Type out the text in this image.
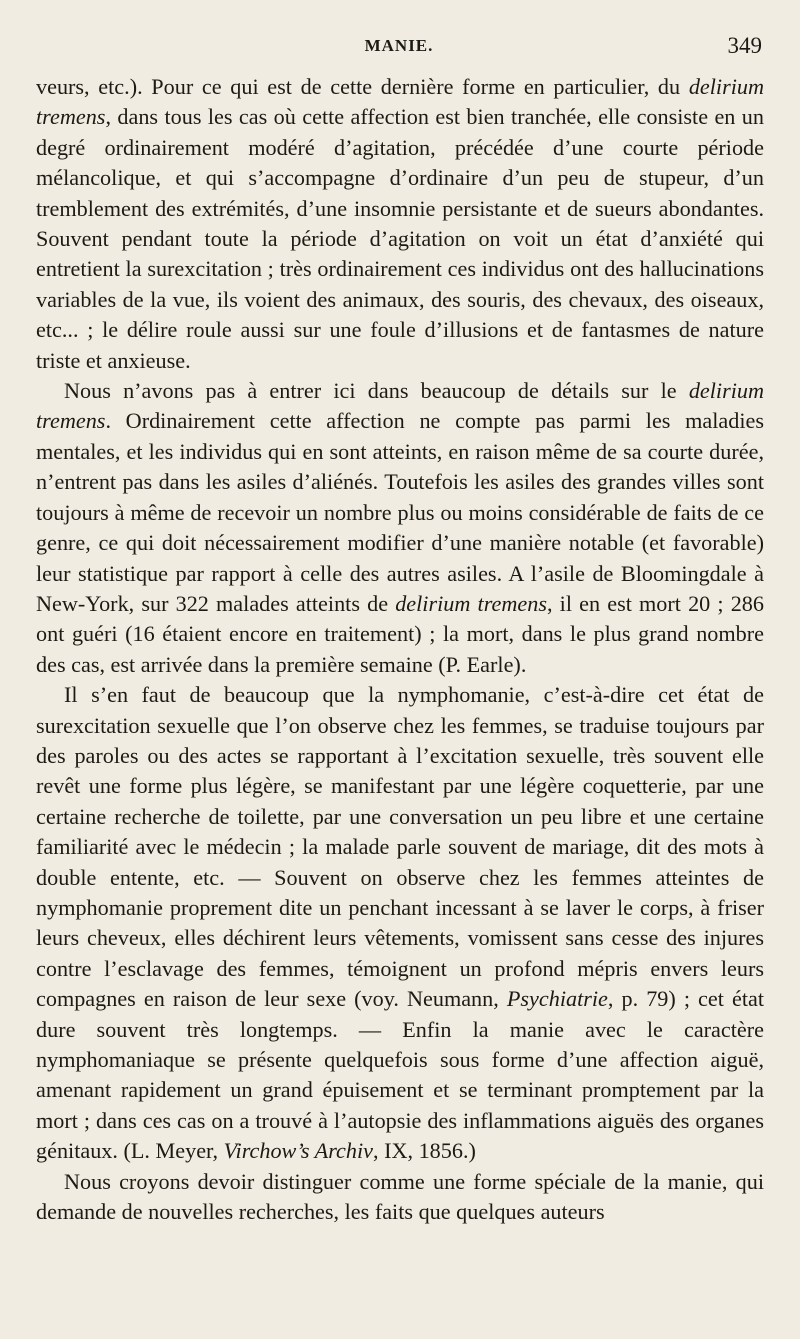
MANIE.	349

veurs, etc.). Pour ce qui est de cette dernière forme en particulier, du delirium tremens, dans tous les cas où cette affection est bien tranchée, elle consiste en un degré ordinairement modéré d’agitation, précédée d’une courte période mélancolique, et qui s’accompagne d’ordinaire d’un peu de stupeur, d’un tremblement des extrémités, d’une insomnie persistante et de sueurs abondantes. Souvent pendant toute la période d’agitation on voit un état d’anxiété qui entretient la surexcitation ; très ordinairement ces individus ont des hallucinations variables de la vue, ils voient des animaux, des souris, des chevaux, des oiseaux, etc... ; le délire roule aussi sur une foule d’illusions et de fantasmes de nature triste et anxieuse.

Nous n’avons pas à entrer ici dans beaucoup de détails sur le delirium tremens. Ordinairement cette affection ne compte pas parmi les maladies mentales, et les individus qui en sont atteints, en raison même de sa courte durée, n’entrent pas dans les asiles d’aliénés. Toutefois les asiles des grandes villes sont toujours à même de recevoir un nombre plus ou moins considérable de faits de ce genre, ce qui doit nécessairement modifier d’une manière notable (et favorable) leur statistique par rapport à celle des autres asiles. A l’asile de Bloomingdale à New-York, sur 322 malades atteints de delirium tremens, il en est mort 20 ; 286 ont guéri (16 étaient encore en traitement) ; la mort, dans le plus grand nombre des cas, est arrivée dans la première semaine (P. Earle).

Il s’en faut de beaucoup que la nymphomanie, c’est-à-dire cet état de surexcitation sexuelle que l’on observe chez les femmes, se traduise toujours par des paroles ou des actes se rapportant à l’excitation sexuelle, très souvent elle revêt une forme plus légère, se manifestant par une légère coquetterie, par une certaine recherche de toilette, par une conversation un peu libre et une certaine familiarité avec le médecin ; la malade parle souvent de mariage, dit des mots à double entente, etc. — Souvent on observe chez les femmes atteintes de nymphomanie proprement dite un penchant incessant à se laver le corps, à friser leurs cheveux, elles déchirent leurs vêtements, vomissent sans cesse des injures contre l’esclavage des femmes, témoignent un profond mépris envers leurs compagnes en raison de leur sexe (voy. Neumann, Psychiatrie, p. 79) ; cet état dure souvent très longtemps. — Enfin la manie avec le caractère nymphomaniaque se présente quelquefois sous forme d’une affection aiguë, amenant rapidement un grand épuisement et se terminant promptement par la mort ; dans ces cas on a trouvé à l’autopsie des inflammations aiguës des organes génitaux. (L. Meyer, Virchow’s Archiv, IX, 1856.)

Nous croyons devoir distinguer comme une forme spéciale de la manie, qui demande de nouvelles recherches, les faits que quelques auteurs
